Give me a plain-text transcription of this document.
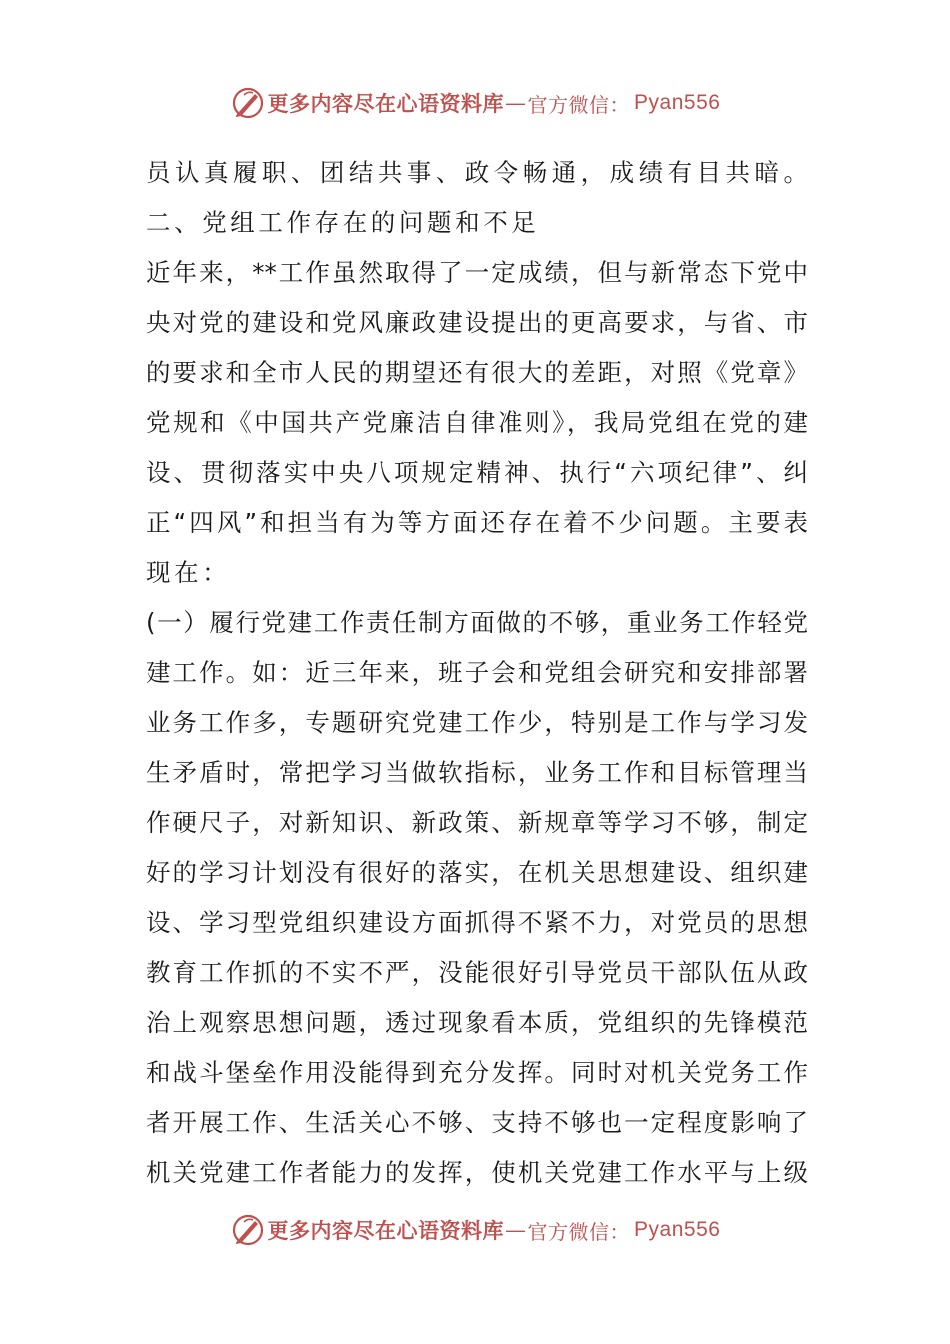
更多内容尽在心语资料库 — 官方微信： Pyan556
员认真履职、团结共事、政令畅通，成绩有目共暗。
二、党组工作存在的问题和不足
近年来，**工作虽然取得了一定成绩，但与新常态下党中
央对党的建设和党风廉政建设提出的更高要求，与省、市
的要求和全市人民的期望还有很大的差距，对照《党章》
党规和《中国共产党廉洁自律准则》，我局党组在党的建
设、贯彻落实中央八项规定精神、执行“六项纪律”、纠
正“四风”和担当有为等方面还存在着不少问题。主要表
现在：
(一）履行党建工作责任制方面做的不够，重业务工作轻党
建工作。如：近三年来，班子会和党组会研究和安排部署
业务工作多，专题研究党建工作少，特别是工作与学习发
生矛盾时，常把学习当做软指标，业务工作和目标管理当
作硬尺子，对新知识、新政策、新规章等学习不够，制定
好的学习计划没有很好的落实，在机关思想建设、组织建
设、学习型党组织建设方面抓得不紧不力，对党员的思想
教育工作抓的不实不严，没能很好引导党员干部队伍从政
治上观察思想问题，透过现象看本质，党组织的先锋模范
和战斗堡垒作用没能得到充分发挥。同时对机关党务工作
者开展工作、生活关心不够、支持不够也一定程度影响了
机关党建工作者能力的发挥，使机关党建工作水平与上级
更多内容尽在心语资料库 — 官方微信： Pyan556
